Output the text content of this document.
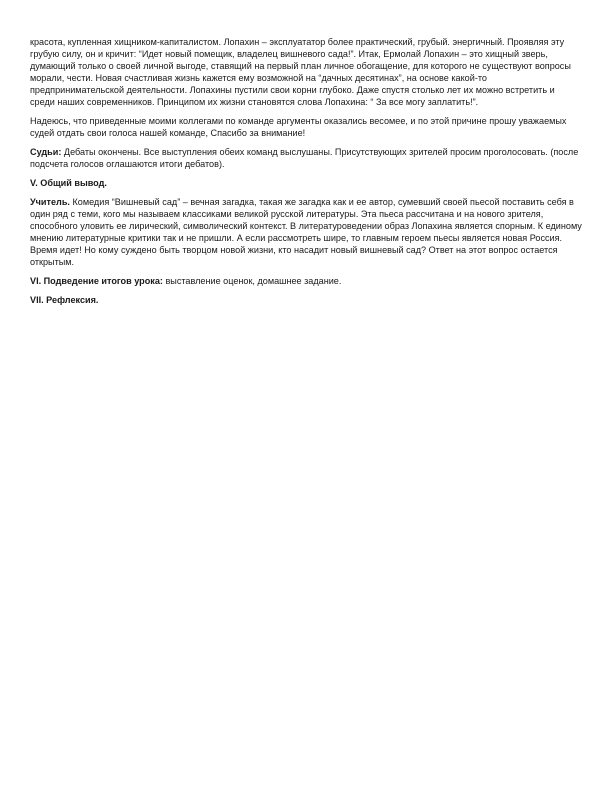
красота, купленная хищником-капиталистом. Лопахин – эксплуататор более практический, грубый. энергичный. Проявляя эту грубую силу, он и кричит: “Идет новый помещик, владелец вишневого сада!”. Итак, Ермолай Лопахин – это хищный зверь, думающий только о своей личной выгоде, ставящий на первый план личное обогащение, для которого не существуют вопросы морали, чести. Новая счастливая жизнь кажется ему возможной на “дачных десятинах”, на основе какой-то предпринимательской деятельности. Лопахины пустили свои корни глубоко. Даже спустя столько лет их можно встретить и среди наших современников. Принципом их жизни становятся слова Лопахина: “ За все могу заплатить!”.

Надеюсь, что приведенные моими коллегами по команде аргументы оказались весомее, и по этой причине прошу уважаемых судей отдать свои голоса нашей команде, Спасибо за внимание!

Судьи: Дебаты окончены. Все выступления обеих команд выслушаны. Присутствующих зрителей просим проголосовать. (после подсчета голосов оглашаются итоги дебатов).

V. Общий вывод.

Учитель. Комедия “Вишневый сад” – вечная загадка, такая же загадка как и ее автор, сумевший своей пьесой поставить себя в один ряд с теми, кого мы называем классиками великой русской литературы. Эта пьеса рассчитана и на нового зрителя, способного уловить ее лирический, символический контекст. В литературоведении образ Лопахина является спорным. К единому мнению литературные критики так и не пришли. А если рассмотреть шире, то главным героем пьесы является новая Россия. Время идет! Но кому суждено быть творцом новой жизни, кто насадит новый вишневый сад? Ответ на этот вопрос остается открытым.

VI. Подведение итогов урока: выставление оценок, домашнее задание.

VII. Рефлексия.
